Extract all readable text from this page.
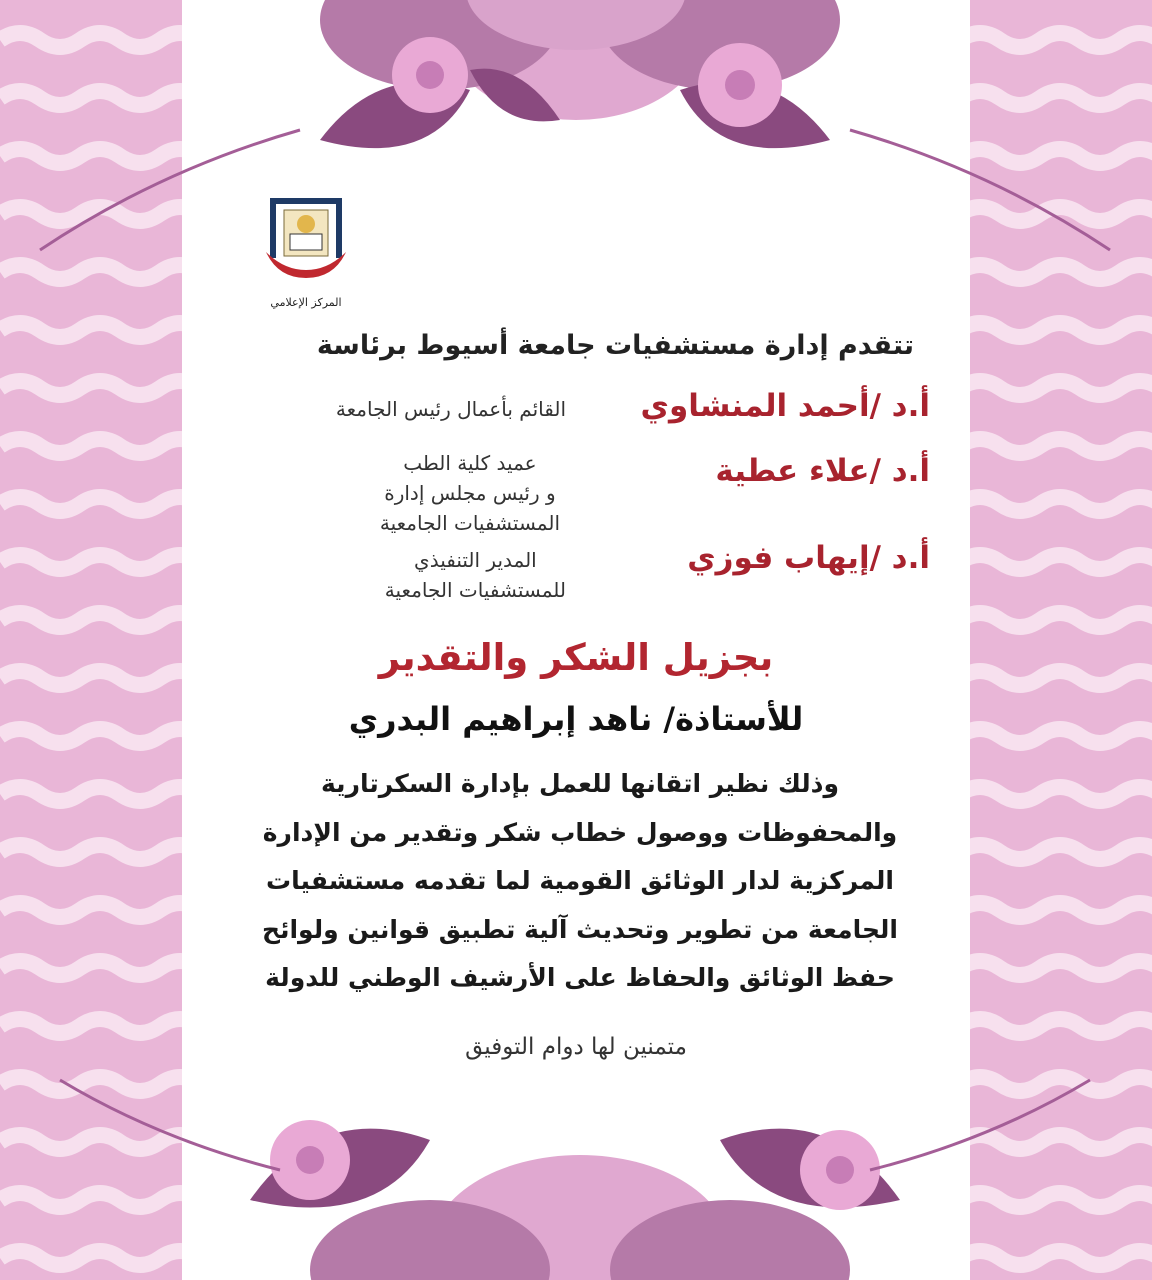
المركز الإعلامي
تتقدم إدارة مستشفيات جامعة أسيوط برئاسة
أ.د /أحمد المنشاوي
القائم بأعمال رئيس الجامعة
أ.د /علاء عطية
عميد كلية الطب
و رئيس مجلس إدارة
المستشفيات الجامعية
أ.د /إيهاب فوزي
المدير التنفيذي
للمستشفيات الجامعية
بجزيل الشكر والتقدير
للأستاذة/ ناهد إبراهيم البدري
وذلك نظير اتقانها للعمل بإدارة السكرتارية
والمحفوظات ووصول خطاب شكر وتقدير من الإدارة
المركزية لدار الوثائق القومية لما تقدمه مستشفيات
الجامعة من تطوير وتحديث آلية تطبيق قوانين ولوائح
حفظ الوثائق والحفاظ على الأرشيف الوطني للدولة
متمنين لها دوام التوفيق
